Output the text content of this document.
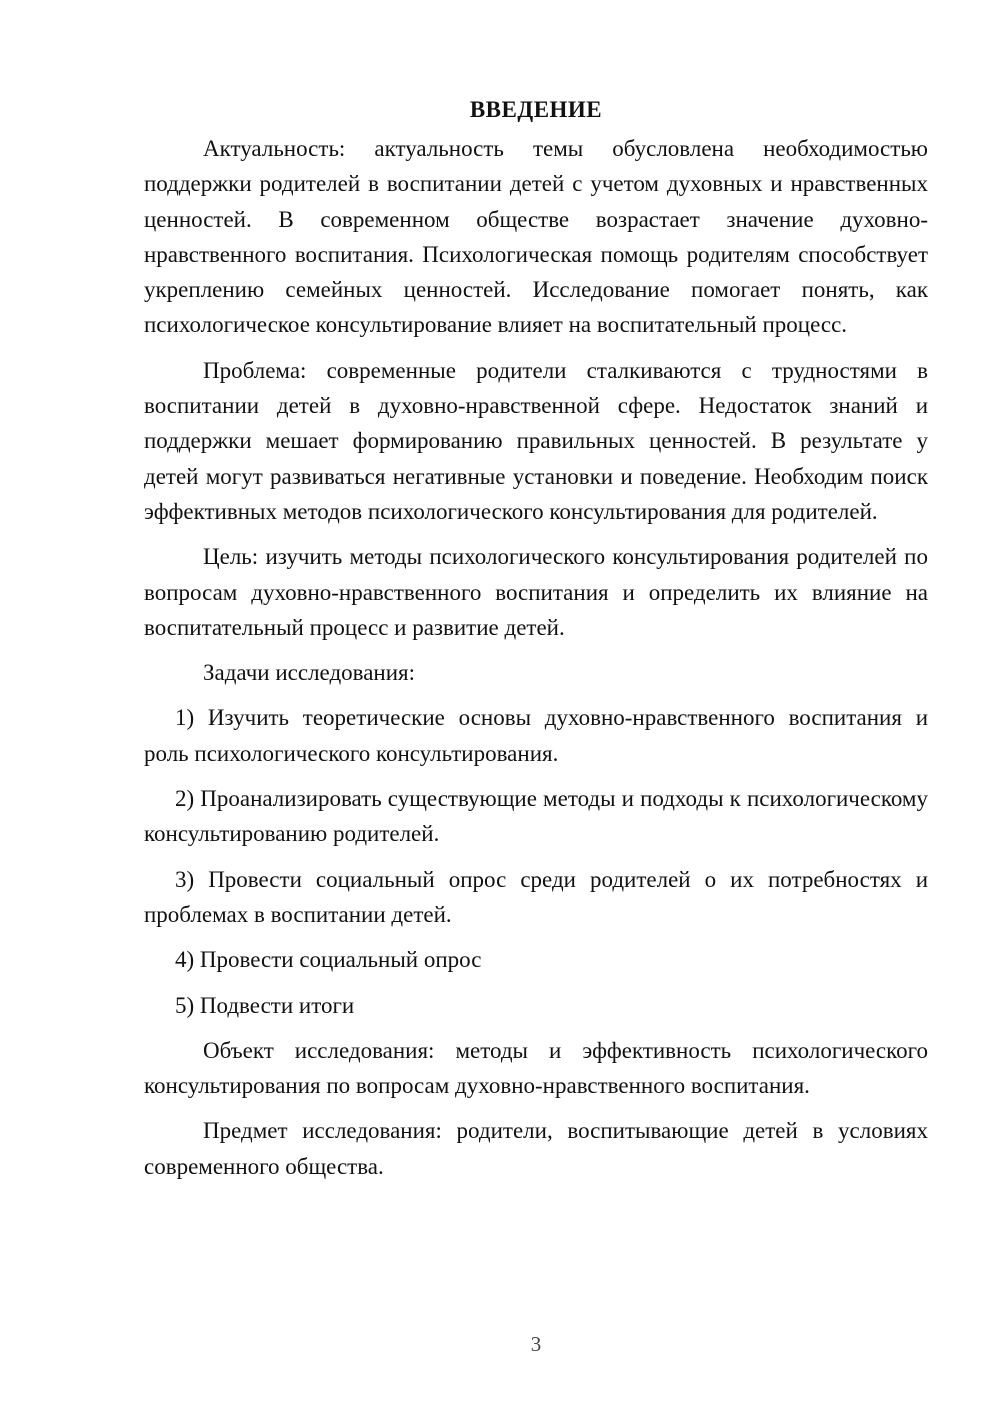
ВВЕДЕНИЕ

Актуальность: актуальность темы обусловлена необходимостью поддержки родителей в воспитании детей с учетом духовных и нравственных ценностей. В современном обществе возрастает значение духовно-нравственного воспитания. Психологическая помощь родителям способствует укреплению семейных ценностей. Исследование помогает понять, как психологическое консультирование влияет на воспитательный процесс.

Проблема: современные родители сталкиваются с трудностями в воспитании детей в духовно-нравственной сфере. Недостаток знаний и поддержки мешает формированию правильных ценностей. В результате у детей могут развиваться негативные установки и поведение. Необходим поиск эффективных методов психологического консультирования для родителей.

Цель: изучить методы психологического консультирования родителей по вопросам духовно-нравственного воспитания и определить их влияние на воспитательный процесс и развитие детей.

Задачи исследования:

1) Изучить теоретические основы духовно-нравственного воспитания и роль психологического консультирования.

2) Проанализировать существующие методы и подходы к психологическому консультированию родителей.

3) Провести социальный опрос среди родителей о их потребностях и проблемах в воспитании детей.

4) Провести социальный опрос

5) Подвести итоги

Объект исследования: методы и эффективность психологического консультирования по вопросам духовно-нравственного воспитания.

Предмет исследования: родители, воспитывающие детей в условиях современного общества.

3
